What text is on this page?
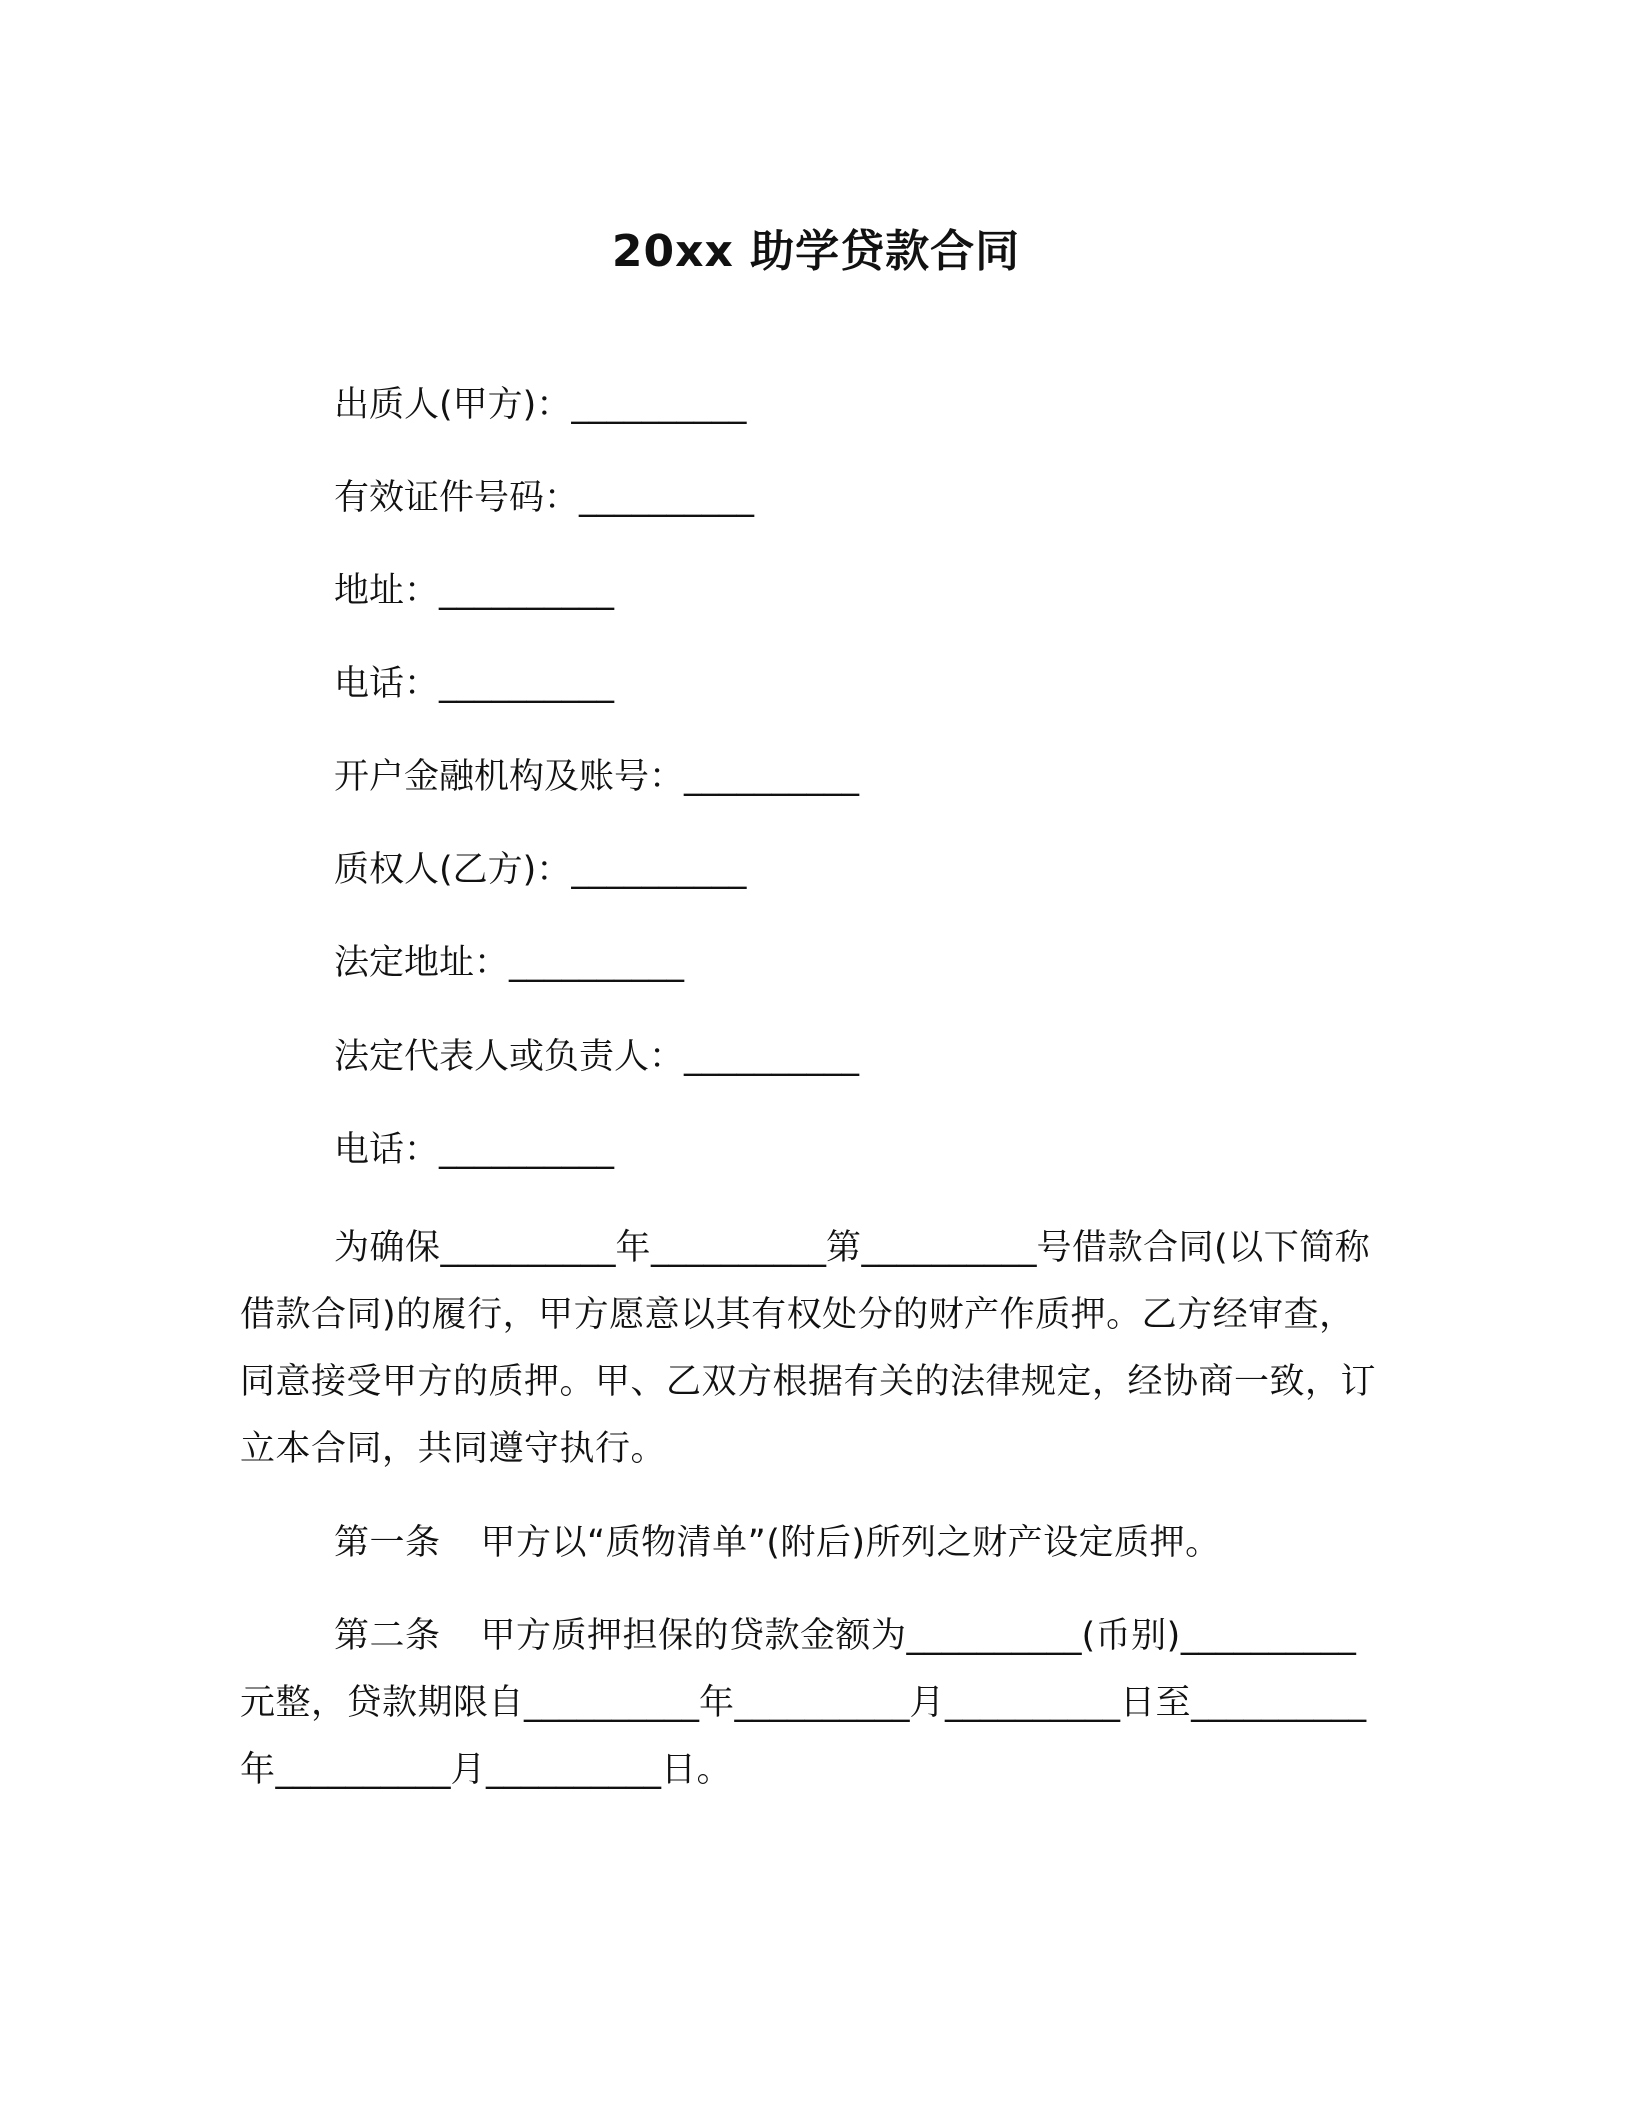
20xx 助学贷款合同
出质人(甲方)：__________
有效证件号码：__________
地址：__________
电话：__________
开户金融机构及账号：__________
质权人(乙方)：__________
法定地址：__________
法定代表人或负责人：__________
电话：__________
为确保__________年__________第__________号借款合同(以下简称借款合同)的履行，甲方愿意以其有权处分的财产作质押。乙方经审查，同意接受甲方的质押。甲、乙双方根据有关的法律规定，经协商一致，订立本合同，共同遵守执行。
第一条 甲方以“质物清单”(附后)所列之财产设定质押。
第二条 甲方质押担保的贷款金额为__________(币别)__________元整，贷款期限自__________年__________月__________日至__________年__________月__________日。
